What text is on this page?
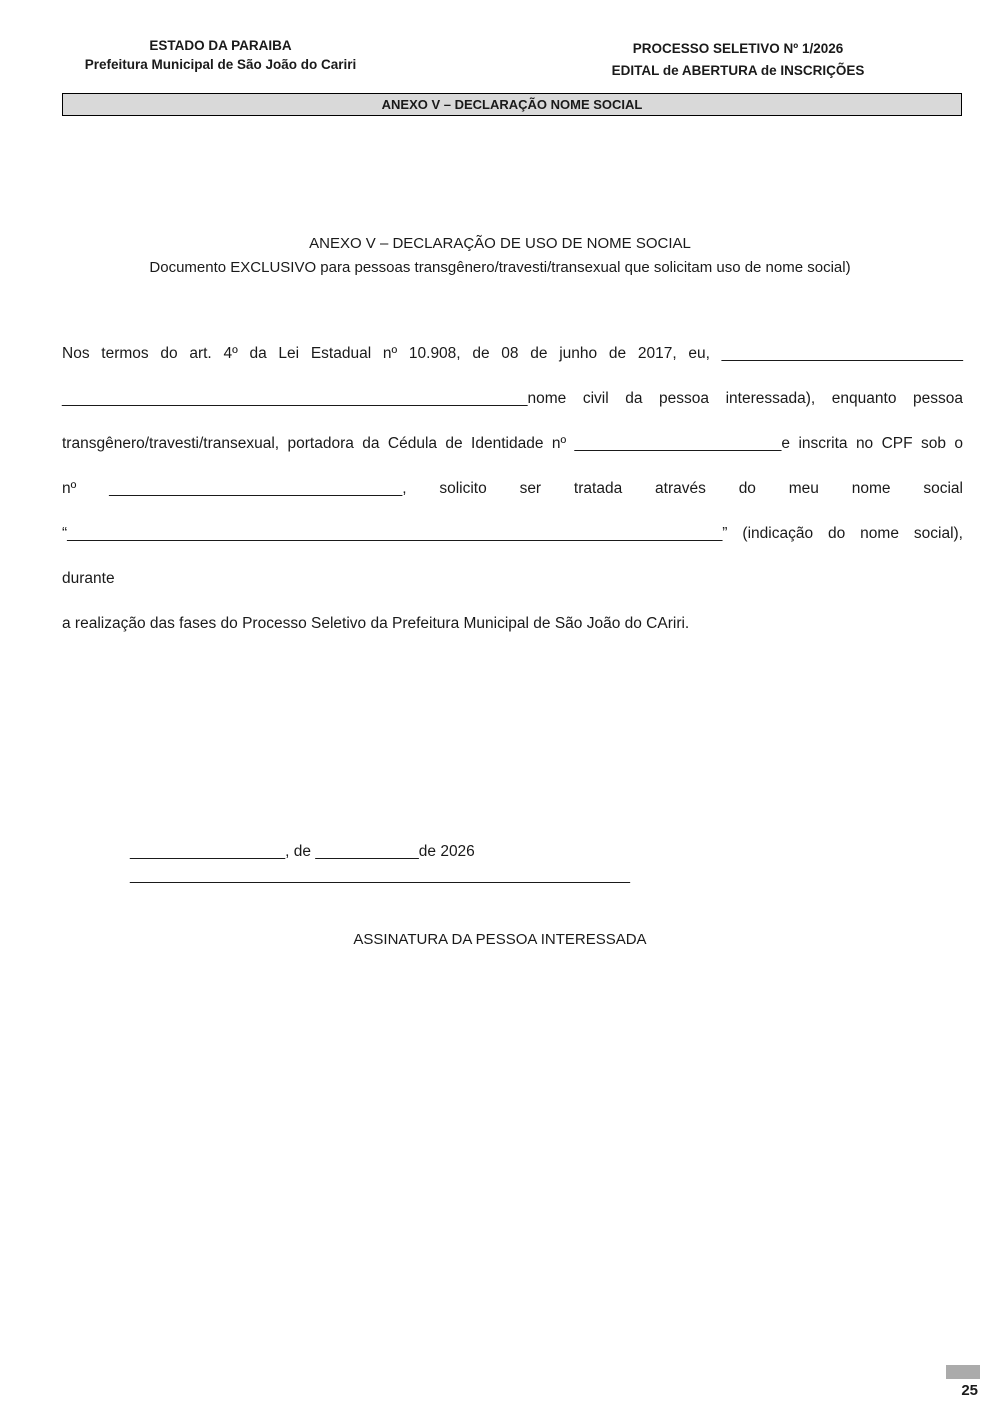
ESTADO DA PARAIBA
Prefeitura Municipal de São João do Cariri
PROCESSO SELETIVO Nº 1/2026
EDITAL de ABERTURA de INSCRIÇÕES
ANEXO V – DECLARAÇÃO NOME SOCIAL
ANEXO V – DECLARAÇÃO DE USO DE NOME SOCIAL
Documento EXCLUSIVO para pessoas transgênero/travesti/transexual que solicitam uso de nome social)
Nos termos do art. 4º da Lei Estadual nº 10.908, de 08 de junho de 2017, eu, ____________________________
______________________________________________________nome civil da pessoa interessada), enquanto pessoa
transgênero/travesti/transexual, portadora da Cédula de Identidade nº ________________________e inscrita no CPF sob o
nº __________________________________, solicito ser tratada através do meu nome social
“____________________________________________________________________________” (indicação do nome social), durante
a realização das fases do Processo Seletivo da Prefeitura Municipal de São João do CAriri.
__________________, de ____________de 2026 __________________________________________________________
ASSINATURA DA PESSOA INTERESSADA
25
